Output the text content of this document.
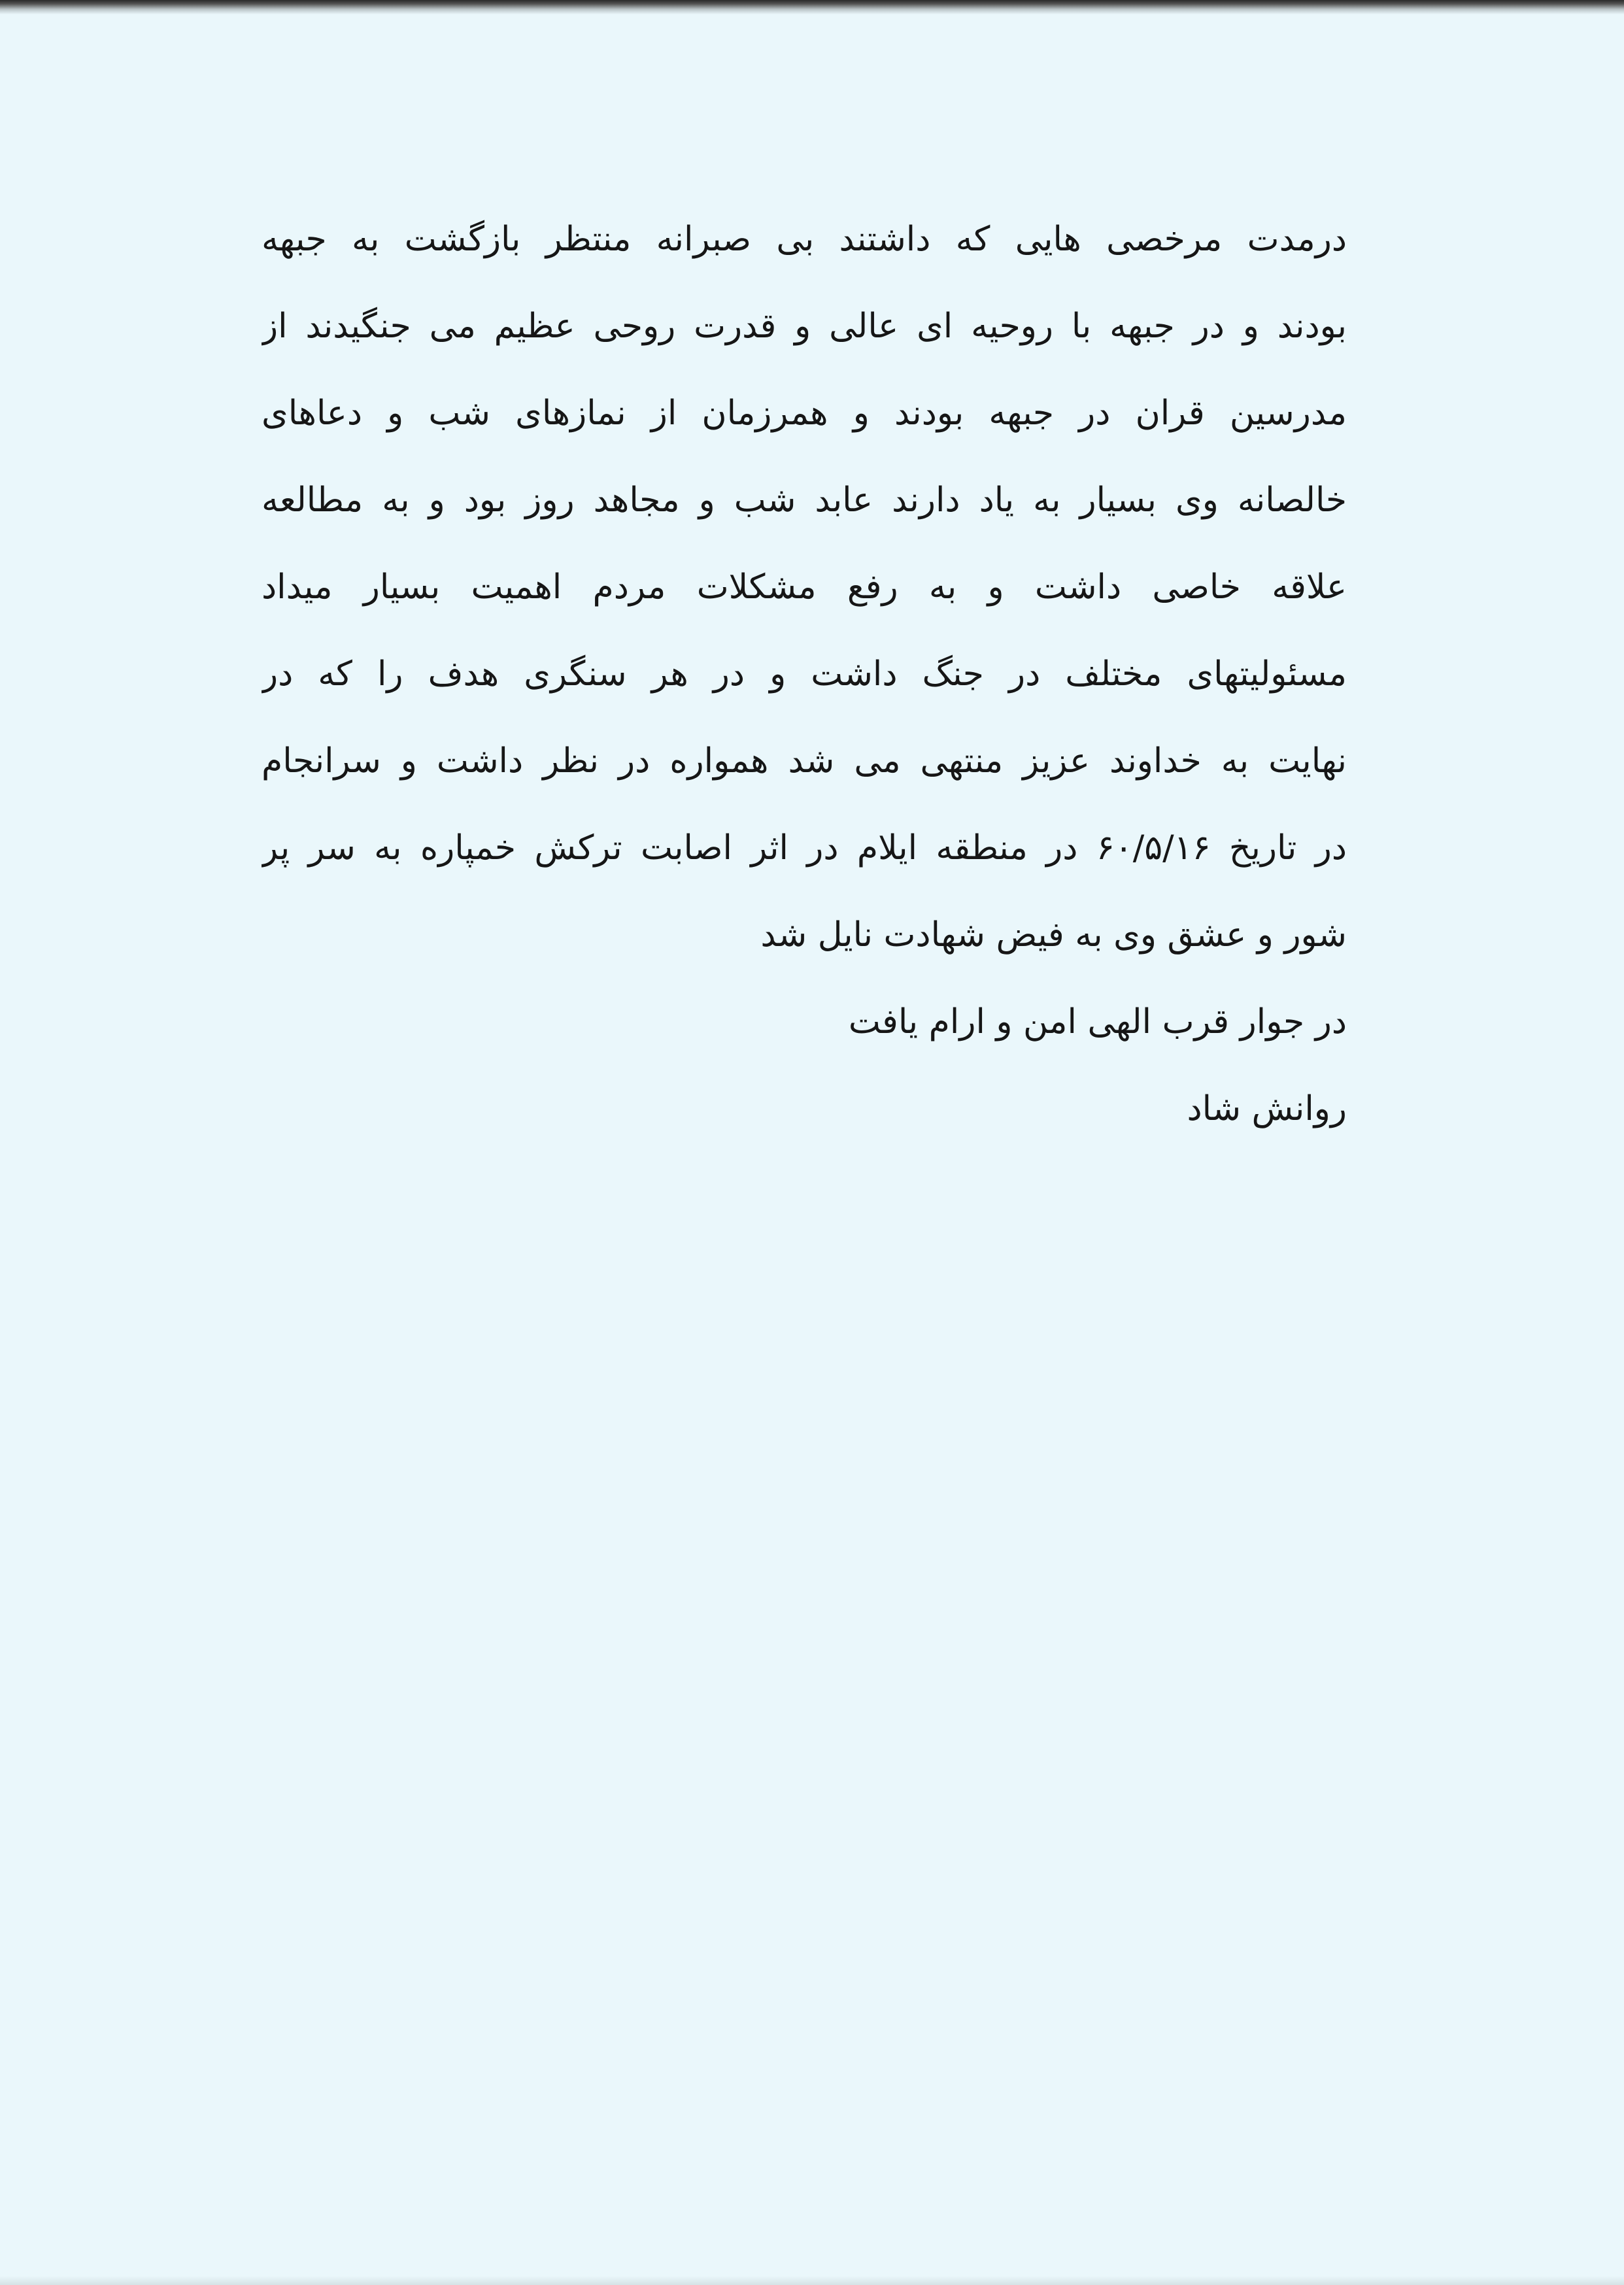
درمدت مرخصی هایی که داشتند بی صبرانه منتظر بازگشت به جبهه
بودند و در جبهه با روحیه ای عالی و قدرت روحی عظیم می جنگیدند از
مدرسین قران در جبهه بودند و همرزمان از نمازهای شب و دعاهای
خالصانه وی بسیار به یاد دارند عابد شب و مجاهد روز بود و به مطالعه
علاقه خاصی داشت و به رفع مشکلات مردم اهمیت بسیار میداد
مسئولیتهای مختلف در جنگ داشت و در هر سنگری هدف را که در
نهایت به خداوند عزیز منتهی می شد همواره در نظر داشت و سرانجام
در تاریخ ۶۰/۵/۱۶ در منطقه ایلام در اثر اصابت ترکش خمپاره به سر پر
شور و عشق وی به فیض شهادت نایل شد
در جوار قرب الهی امن و ارام یافت
روانش شاد
